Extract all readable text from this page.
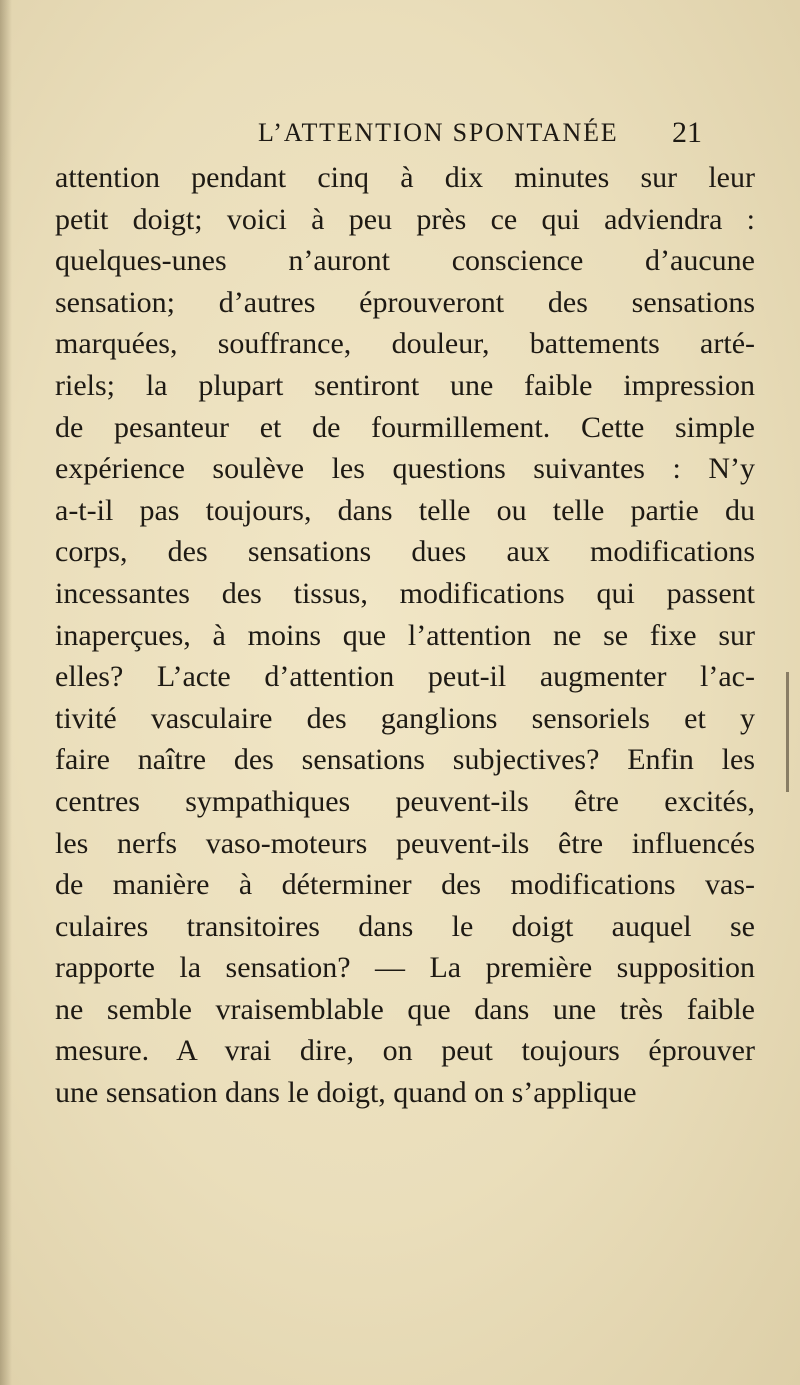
L’ATTENTION SPONTANÉE 21
attention pendant cinq à dix minutes sur leur
petit doigt; voici à peu près ce qui adviendra :
quelques-unes n’auront conscience d’aucune
sensation; d’autres éprouveront des sensations
marquées, souffrance, douleur, battements arté-
riels; la plupart sentiront une faible impression
de pesanteur et de fourmillement. Cette simple
expérience soulève les questions suivantes : N’y
a-t-il pas toujours, dans telle ou telle partie du
corps, des sensations dues aux modifications
incessantes des tissus, modifications qui passent
inaperçues, à moins que l’attention ne se fixe sur
elles? L’acte d’attention peut-il augmenter l’ac-
tivité vasculaire des ganglions sensoriels et y
faire naître des sensations subjectives? Enfin les
centres sympathiques peuvent-ils être excités,
les nerfs vaso-moteurs peuvent-ils être influencés
de manière à déterminer des modifications vas-
culaires transitoires dans le doigt auquel se
rapporte la sensation? — La première supposition
ne semble vraisemblable que dans une très faible
mesure. A vrai dire, on peut toujours éprouver
une sensation dans le doigt, quand on s’applique
